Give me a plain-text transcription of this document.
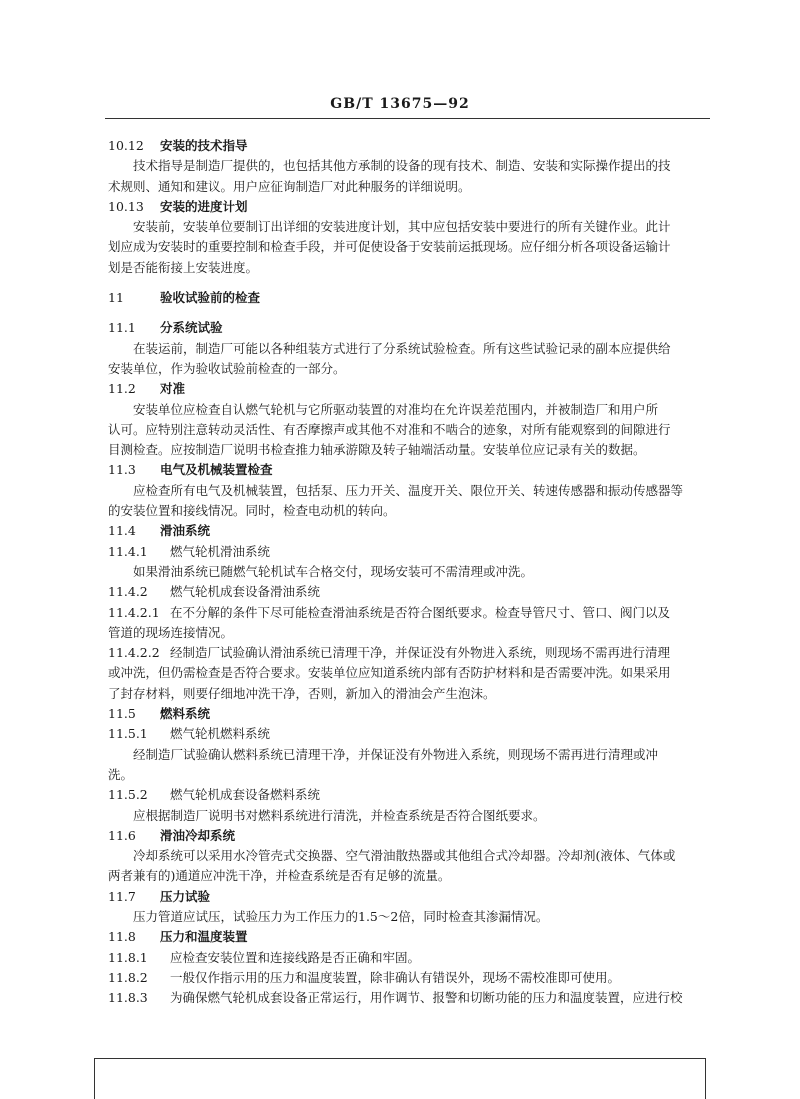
GB/T 13675—92
10.12 安装的技术指导
技术指导是制造厂提供的，也包括其他方承制的设备的现有技术、制造、安装和实际操作提出的技
术规则、通知和建议。用户应征询制造厂对此种服务的详细说明。
10.13 安装的进度计划
安装前，安装单位要制订出详细的安装进度计划，其中应包括安装中要进行的所有关键作业。此计
划应成为安装时的重要控制和检查手段，并可促使设备于安装前运抵现场。应仔细分析各项设备运输计
划是否能衔接上安装进度。
11	验收试验前的检查
11.1 分系统试验
在装运前，制造厂可能以各种组装方式进行了分系统试验检查。所有这些试验记录的副本应提供给
安装单位，作为验收试验前检查的一部分。
11.2 对准
安装单位应检查自认燃气轮机与它所驱动装置的对准均在允许误差范围内，并被制造厂和用户所
认可。应特别注意转动灵活性、有否摩擦声或其他不对准和不啮合的迹象，对所有能观察到的间隙进行
目测检查。应按制造厂说明书检查推力轴承游隙及转子轴端活动量。安装单位应记录有关的数据。
11.3 电气及机械装置检查
应检查所有电气及机械装置，包括泵、压力开关、温度开关、限位开关、转速传感器和振动传感器等
的安装位置和接线情况。同时，检查电动机的转向。
11.4 滑油系统
11.4.1 燃气轮机滑油系统
如果滑油系统已随燃气轮机试车合格交付，现场安装可不需清理或冲洗。
11.4.2 燃气轮机成套设备滑油系统
11.4.2.1 在不分解的条件下尽可能检查滑油系统是否符合图纸要求。检查导管尺寸、管口、阀门以及
管道的现场连接情况。
11.4.2.2 经制造厂试验确认滑油系统已清理干净，并保证没有外物进入系统，则现场不需再进行清理
或冲洗，但仍需检查是否符合要求。安装单位应知道系统内部有否防护材料和是否需要冲洗。如果采用
了封存材料，则要仔细地冲洗干净，否则，新加入的滑油会产生泡沫。
11.5 燃料系统
11.5.1 燃气轮机燃料系统
经制造厂试验确认燃料系统已清理干净，并保证没有外物进入系统，则现场不需再进行清理或冲
洗。
11.5.2 燃气轮机成套设备燃料系统
应根据制造厂说明书对燃料系统进行清洗，并检查系统是否符合图纸要求。
11.6 滑油冷却系统
冷却系统可以采用水冷管壳式交换器、空气滑油散热器或其他组合式冷却器。冷却剂(液体、气体或
两者兼有的)通道应冲洗干净，并检查系统是否有足够的流量。
11.7 压力试验
压力管道应试压，试验压力为工作压力的1.5～2倍，同时检查其渗漏情况。
11.8 压力和温度装置
11.8.1 应检查安装位置和连接线路是否正确和牢固。
11.8.2 一般仅作指示用的压力和温度装置，除非确认有错误外，现场不需校准即可使用。
11.8.3 为确保燃气轮机成套设备正常运行，用作调节、报警和切断功能的压力和温度装置，应进行校
